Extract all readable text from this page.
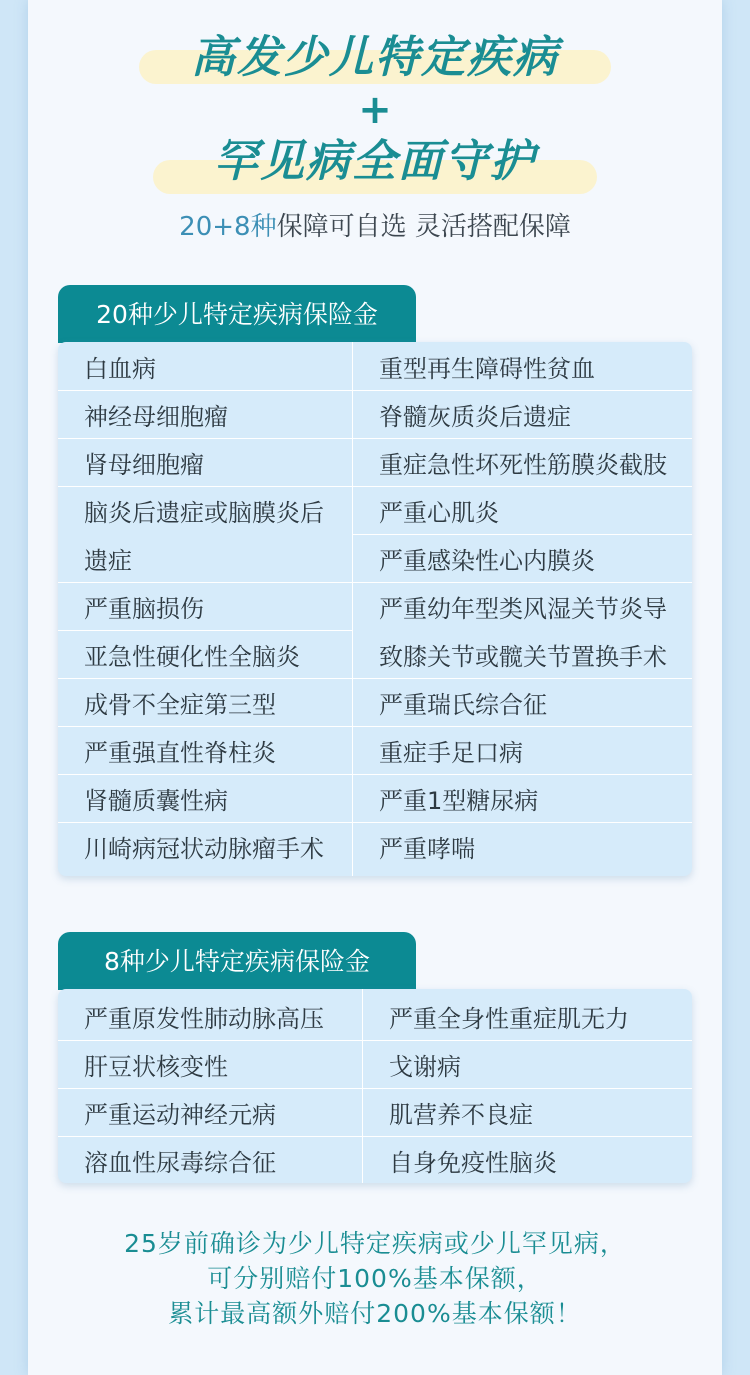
高发少儿特定疾病
+
罕见病全面守护
20+8种保障可自选 灵活搭配保障
20种少儿特定疾病保险金
白血病
神经母细胞瘤
肾母细胞瘤
脑炎后遗症或脑膜炎后
遗症
严重脑损伤
亚急性硬化性全脑炎
成骨不全症第三型
严重强直性脊柱炎
肾髓质囊性病
川崎病冠状动脉瘤手术
重型再生障碍性贫血
脊髓灰质炎后遗症
重症急性坏死性筋膜炎截肢
严重心肌炎
严重感染性心内膜炎
严重幼年型类风湿关节炎导
致膝关节或髋关节置换手术
严重瑞氏综合征
重症手足口病
严重1型糖尿病
严重哮喘
8种少儿特定疾病保险金
严重原发性肺动脉高压
肝豆状核变性
严重运动神经元病
溶血性尿毒综合征
严重全身性重症肌无力
戈谢病
肌营养不良症
自身免疫性脑炎
25岁前确诊为少儿特定疾病或少儿罕见病，
可分别赔付100%基本保额，
累计最高额外赔付200%基本保额！
